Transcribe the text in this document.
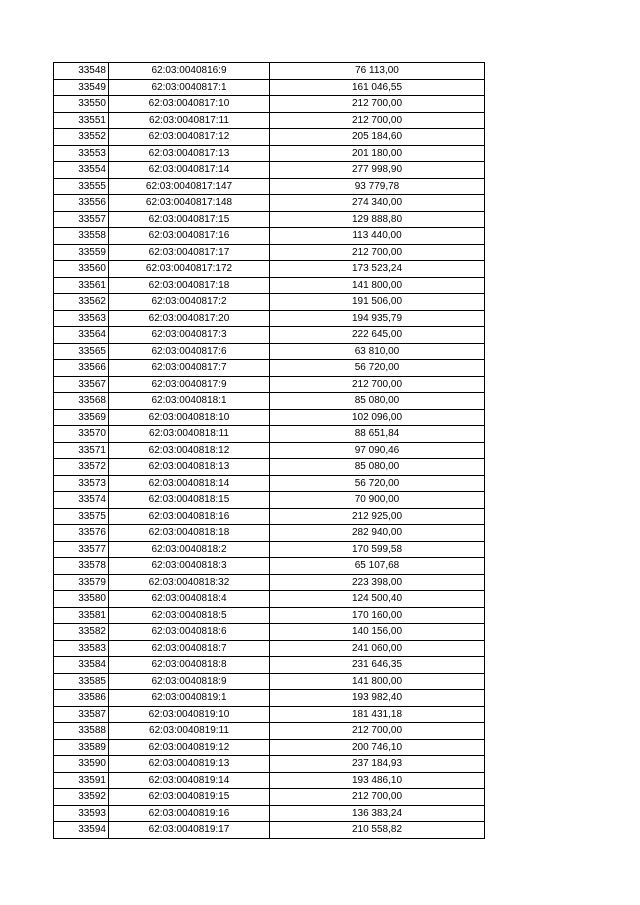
33548	62:03:0040816:9	76 113,00
33549	62:03:0040817:1	161 046,55
33550	62:03:0040817:10	212 700,00
33551	62:03:0040817:11	212 700,00
33552	62:03:0040817:12	205 184,60
33553	62:03:0040817:13	201 180,00
33554	62:03:0040817:14	277 998,90
33555	62:03:0040817:147	93 779,78
33556	62:03:0040817:148	274 340,00
33557	62:03:0040817:15	129 888,80
33558	62:03:0040817:16	113 440,00
33559	62:03:0040817:17	212 700,00
33560	62:03:0040817:172	173 523,24
33561	62:03:0040817:18	141 800,00
33562	62:03:0040817:2	191 506,00
33563	62:03:0040817:20	194 935,79
33564	62:03:0040817:3	222 645,00
33565	62:03:0040817:6	63 810,00
33566	62:03:0040817:7	56 720,00
33567	62:03:0040817:9	212 700,00
33568	62:03:0040818:1	85 080,00
33569	62:03:0040818:10	102 096,00
33570	62:03:0040818:11	88 651,84
33571	62:03:0040818:12	97 090,46
33572	62:03:0040818:13	85 080,00
33573	62:03:0040818:14	56 720,00
33574	62:03:0040818:15	70 900,00
33575	62:03:0040818:16	212 925,00
33576	62:03:0040818:18	282 940,00
33577	62:03:0040818:2	170 599,58
33578	62:03:0040818:3	65 107,68
33579	62:03:0040818:32	223 398,00
33580	62:03:0040818:4	124 500,40
33581	62:03:0040818:5	170 160,00
33582	62:03:0040818:6	140 156,00
33583	62:03:0040818:7	241 060,00
33584	62:03:0040818:8	231 646,35
33585	62:03:0040818:9	141 800,00
33586	62:03:0040819:1	193 982,40
33587	62:03:0040819:10	181 431,18
33588	62:03:0040819:11	212 700,00
33589	62:03:0040819:12	200 746,10
33590	62:03:0040819:13	237 184,93
33591	62:03:0040819:14	193 486,10
33592	62:03:0040819:15	212 700,00
33593	62:03:0040819:16	136 383,24
33594	62:03:0040819:17	210 558,82
